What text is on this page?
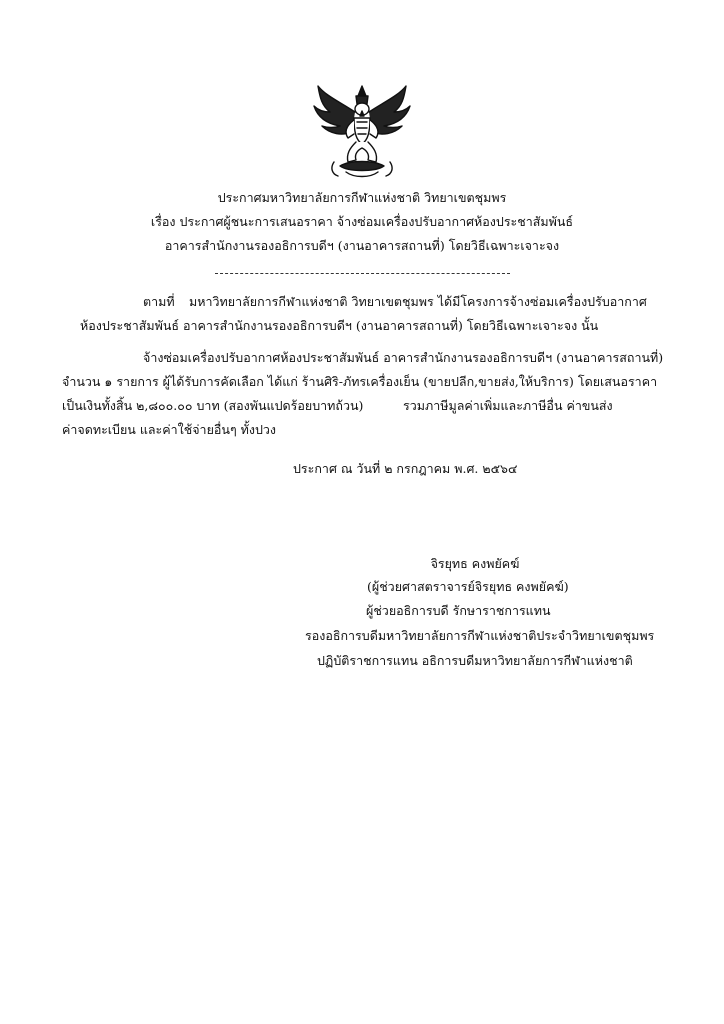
ประกาศมหาวิทยาลัยการกีฬาแห่งชาติ วิทยาเขตชุมพร
เรื่อง ประกาศผู้ชนะการเสนอราคา จ้างซ่อมเครื่องปรับอากาศห้องประชาสัมพันธ์
อาคารสำนักงานรองอธิการบดีฯ (งานอาคารสถานที่) โดยวิธีเฉพาะเจาะจง
ตามที่ มหาวิทยาลัยการกีฬาแห่งชาติ วิทยาเขตชุมพร ได้มีโครงการจ้างซ่อมเครื่องปรับอากาศ
ห้องประชาสัมพันธ์ อาคารสำนักงานรองอธิการบดีฯ (งานอาคารสถานที่) โดยวิธีเฉพาะเจาะจง นั้น
จ้างซ่อมเครื่องปรับอากาศห้องประชาสัมพันธ์ อาคารสำนักงานรองอธิการบดีฯ (งานอาคารสถานที่)
จำนวน ๑ รายการ ผู้ได้รับการคัดเลือก ได้แก่ ร้านศิริ-ภัทรเครื่องเย็น (ขายปลีก,ขายส่ง,ให้บริการ) โดยเสนอราคา
เป็นเงินทั้งสิ้น ๒,๘๐๐.๐๐ บาท (สองพันแปดร้อยบาทถ้วน)	รวมภาษีมูลค่าเพิ่มและภาษีอื่น ค่าขนส่ง
ค่าจดทะเบียน และค่าใช้จ่ายอื่นๆ ทั้งปวง
ประกาศ ณ วันที่ ๒ กรกฎาคม พ.ศ. ๒๕๖๔
จิรยุทธ คงพยัคฆ์
(ผู้ช่วยศาสตราจารย์จิรยุทธ คงพยัคฆ์)
ผู้ช่วยอธิการบดี รักษาราชการแทน
รองอธิการบดีมหาวิทยาลัยการกีฬาแห่งชาติประจำวิทยาเขตชุมพร
ปฏิบัติราชการแทน อธิการบดีมหาวิทยาลัยการกีฬาแห่งชาติ
